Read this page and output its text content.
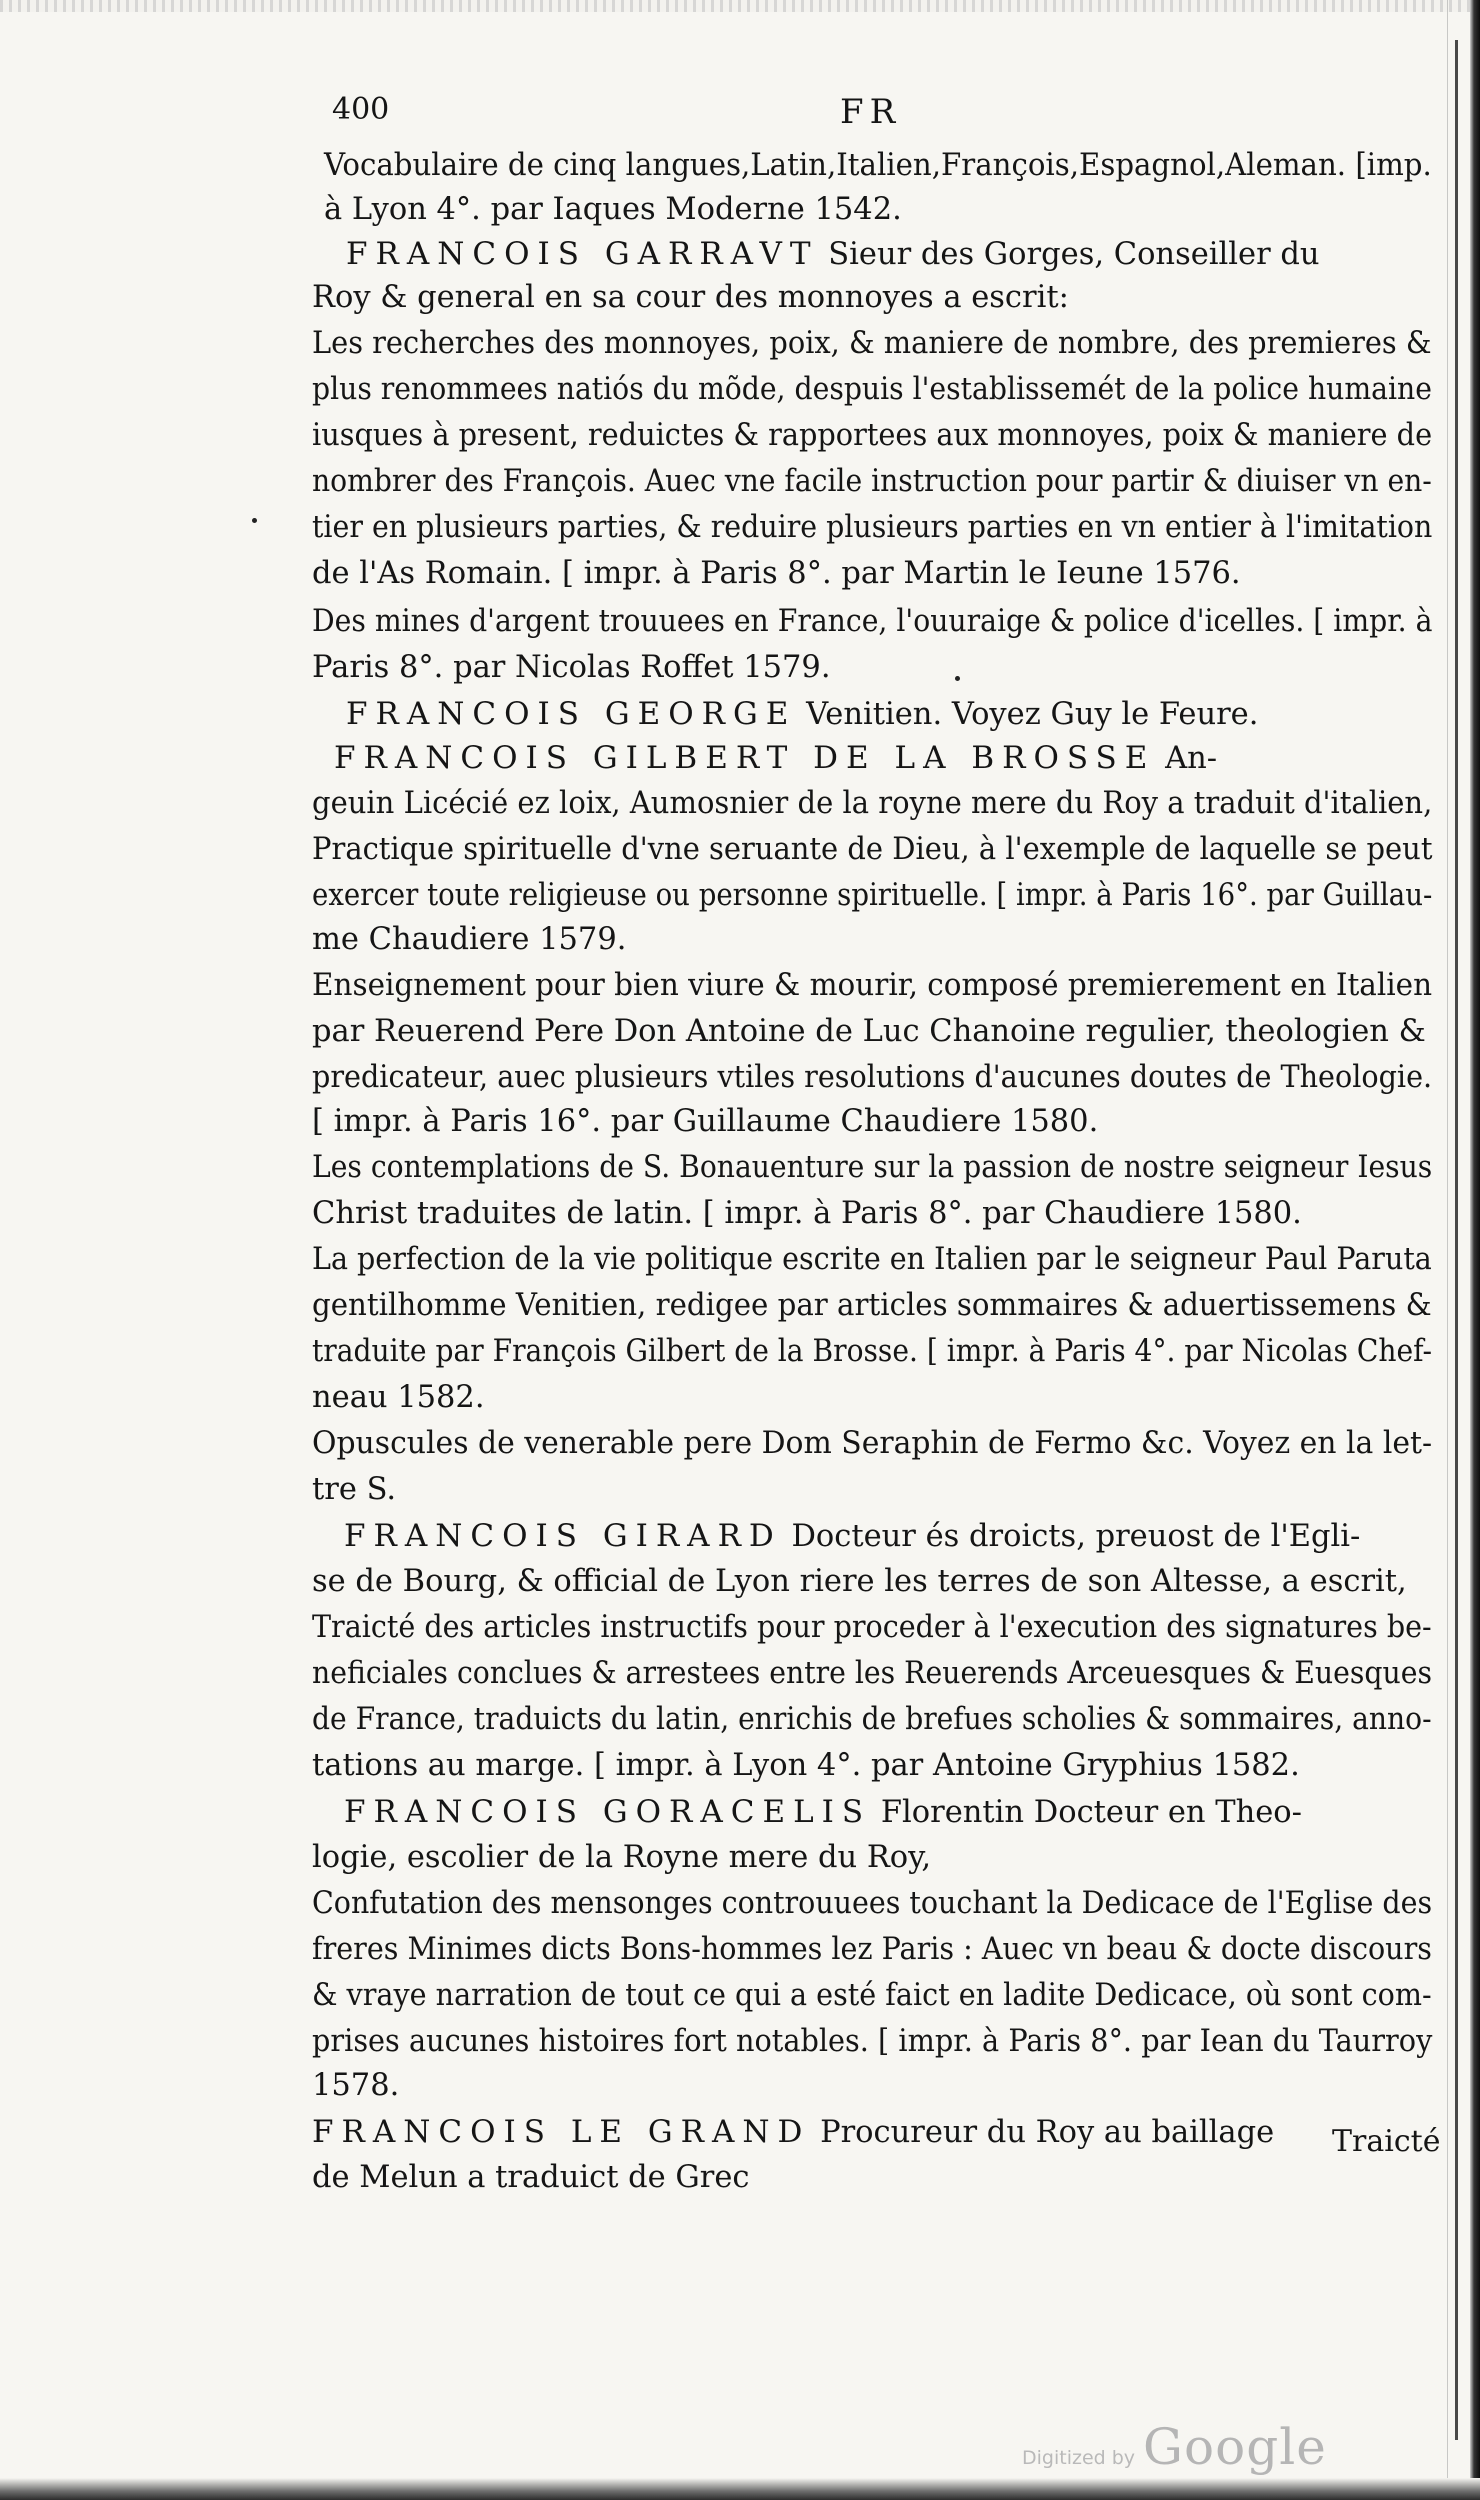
400	FR
Vocabulaire de cinq langues,Latin,Italien,François,Espagnol,Aleman. [imp.
à Lyon 4°. par Iaques Moderne 1542.
FRANCOIS GARRAVT Sieur des Gorges, Conseiller du
Roy & general en sa cour des monnoyes a escrit:
Les recherches des monnoyes, poix, & maniere de nombre, des premieres &
plus renommees natiós du mõde, despuis l'establissemét de la police humaine
iusques à present, reduictes & rapportees aux monnoyes, poix & maniere de
nombrer des François. Auec vne facile instruction pour partir & diuiser vn en-
tier en plusieurs parties, & reduire plusieurs parties en vn entier à l'imitation
de l'As Romain. [ impr. à Paris 8°. par Martin le Ieune 1576.
Des mines d'argent trouuees en France, l'ouuraige & police d'icelles. [ impr. à
Paris 8°. par Nicolas Roffet 1579.
FRANCOIS GEORGE Venitien. Voyez Guy le Feure.
FRANCOIS GILBERT DE LA BROSSE An-
geuin Licécié ez loix, Aumosnier de la royne mere du Roy a traduit d'italien,
Practique spirituelle d'vne seruante de Dieu, à l'exemple de laquelle se peut
exercer toute religieuse ou personne spirituelle. [ impr. à Paris 16°. par Guillau-
me Chaudiere 1579.
Enseignement pour bien viure & mourir, composé premierement en Italien
par Reuerend Pere Don Antoine de Luc Chanoine regulier, theologien &
predicateur, auec plusieurs vtiles resolutions d'aucunes doutes de Theologie.
[ impr. à Paris 16°. par Guillaume Chaudiere 1580.
Les contemplations de S. Bonauenture sur la passion de nostre seigneur Iesus
Christ traduites de latin. [ impr. à Paris 8°. par Chaudiere 1580.
La perfection de la vie politique escrite en Italien par le seigneur Paul Paruta
gentilhomme Venitien, redigee par articles sommaires & aduertissemens &
traduite par François Gilbert de la Brosse. [ impr. à Paris 4°. par Nicolas Chef-
neau 1582.
Opuscules de venerable pere Dom Seraphin de Fermo &c. Voyez en la let-
tre S.
FRANCOIS GIRARD Docteur és droicts, preuost de l'Egli-
se de Bourg, & official de Lyon riere les terres de son Altesse, a escrit,
Traicté des articles instructifs pour proceder à l'execution des signatures be-
neficiales conclues & arrestees entre les Reuerends Arceuesques & Euesques
de France, traduicts du latin, enrichis de brefues scholies & sommaires, anno-
tations au marge. [ impr. à Lyon 4°. par Antoine Gryphius 1582.
FRANCOIS GORACELIS Florentin Docteur en Theo-
logie, escolier de la Royne mere du Roy,
Confutation des mensonges controuuees touchant la Dedicace de l'Eglise des
freres Minimes dicts Bons-hommes lez Paris : Auec vn beau & docte discours
& vraye narration de tout ce qui a esté faict en ladite Dedicace, où sont com-
prises aucunes histoires fort notables. [ impr. à Paris 8°. par Iean du Taurroy
1578.
FRANCOIS LE GRAND Procureur du Roy au baillage
de Melun a traduict de Grec
Traicté
Digitized by Google
